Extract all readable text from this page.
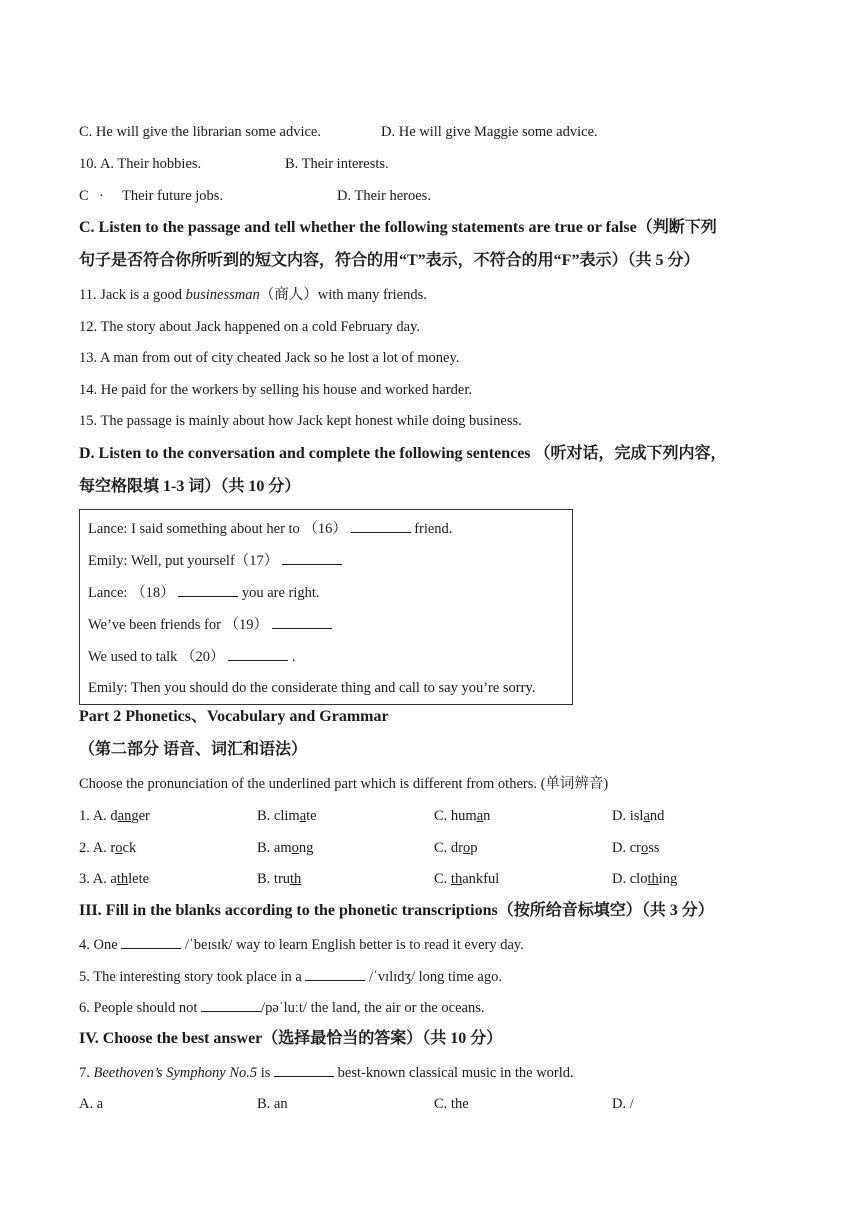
C. He will give the librarian some advice.	D. He will give Maggie some advice.
10. A. Their hobbies.	B. Their interests.
C · Their future jobs.	D. Their heroes.
C. Listen to the passage and tell whether the following statements are true or false（判断下列
句子是否符合你所听到的短文内容，符合的用“T”表示，不符合的用“F”表示）（共 5 分）
11. Jack is a good businessman（商人）with many friends.
12. The story about Jack happened on a cold February day.
13. A man from out of city cheated Jack so he lost a lot of money.
14. He paid for the workers by selling his house and worked harder.
15. The passage is mainly about how Jack kept honest while doing business.
D. Listen to the conversation and complete the following sentences （听对话，完成下列内容，
每空格限填 1-3 词）（共 10 分）
Lance: I said something about her to （16）	friend.
Emily: Well, put yourself（17）
Lance: （18）	you are right.
We’ve been friends for （19）
We used to talk （20）	.
Emily: Then you should do the considerate thing and call to say you’re sorry.
Part 2 Phonetics、Vocabulary and Grammar
（第二部分 语音、词汇和语法）
Choose the pronunciation of the underlined part which is different from others. (单词辨音)
1. A. danger	B. climate	C. human	D. island
2. A. rock	B. among	C. drop	D. cross
3. A. athlete	B. truth	C. thankful	D. clothing
III. Fill in the blanks according to the phonetic transcriptions（按所给音标填空）（共 3 分）
4. One	/ˈbeɪsɪk/ way to learn English better is to read it every day.
5. The interesting story took place in a	/ˈvɪlɪdʒ/ long time ago.
6. People should not	/pəˈluːt/ the land, the air or the oceans.
IV. Choose the best answer（选择最恰当的答案）（共 10 分）
7. Beethoven’s Symphony No.5 is	best-known classical music in the world.
A. a	B. an	C. the	D. /
